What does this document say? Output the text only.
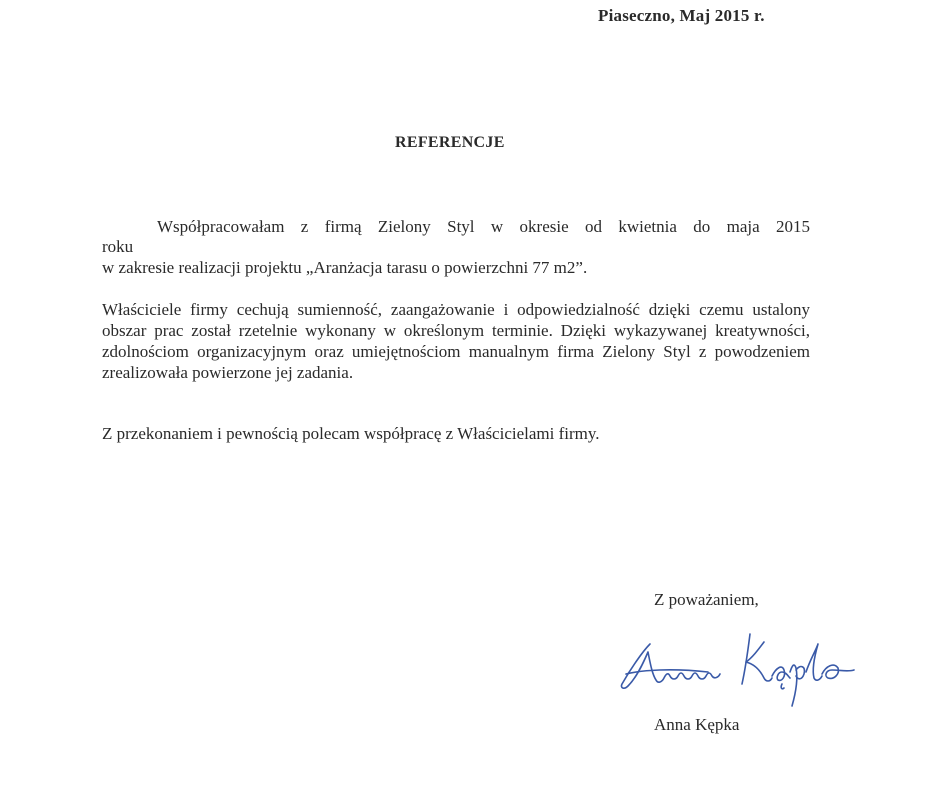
Piaseczno, Maj 2015 r.
REFERENCJE
Współpracowałam z firmą Zielony Styl w okresie od kwietnia do maja 2015
roku
w zakresie realizacji projektu „Aranżacja tarasu o powierzchni 77 m2”.

Właściciele firmy cechują sumienność, zaangażowanie i odpowiedzialność dzięki czemu ustalony obszar prac został rzetelnie wykonany w określonym terminie. Dzięki wykazywanej kreatywności, zdolnościom organizacyjnym oraz umiejętnościom manualnym firma Zielony Styl z powodzeniem zrealizowała powierzone jej zadania.

Z przekonaniem i pewnością polecam współpracę z Właścicielami firmy.

Z poważaniem,
Anna Kępka
